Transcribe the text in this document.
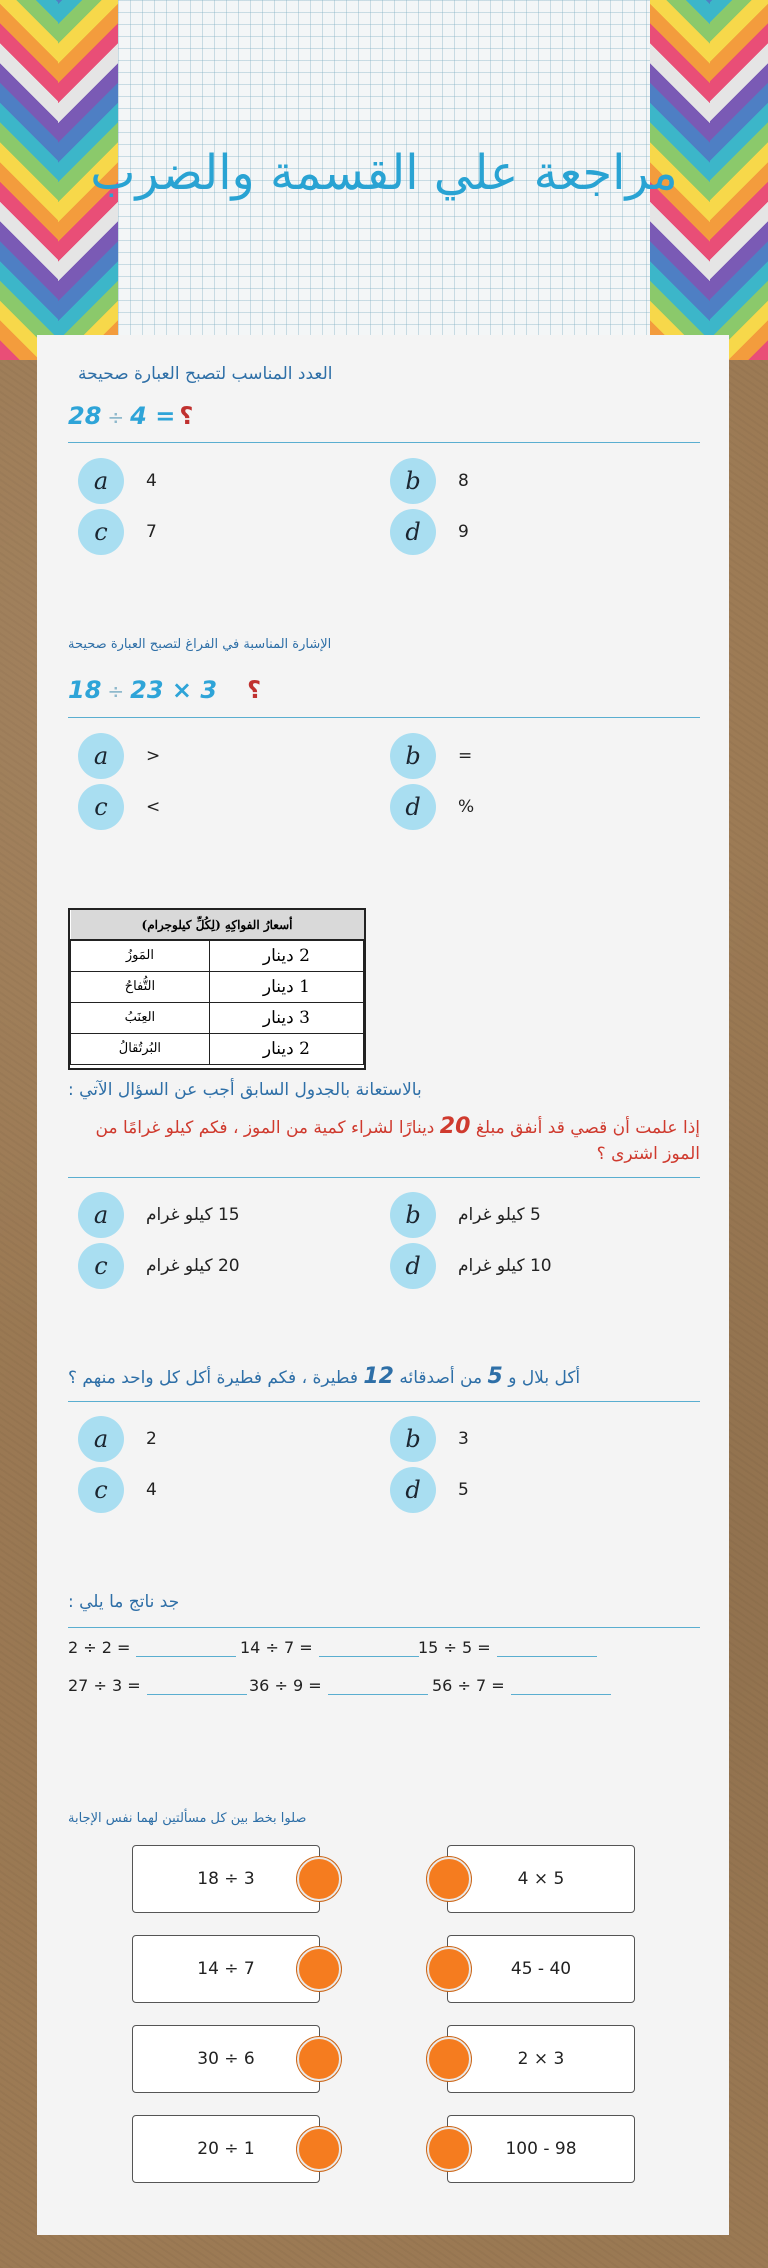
مراجعة علي القسمة والضرب
العدد المناسب لتصبح العبارة صحيحة
28 ÷ ؟= 4
a	4	b	8
c	7	d	9
الإشارة المناسبة في الفراغ لتصبح العبارة صحيحة
18 ÷ 2	؟3 × 3
a	<	b	=
c	>	d	%
أسعارُ الفواكِهِ (لِكُلِّ كيلوجرام)	
المَوزُ	2 دينار
التُّفاحُ	1 دينار
العِنَبُ	3 دينار
البُرتُقالُ	2 دينار
بالاستعانة بالجدول السابق أجب عن السؤال الآتي :
إذا علمت أن قصي قد أنفق مبلغ 20 دينارًا لشراء كمية من الموز ، فكم كيلو غرامًا من الموز اشترى ؟
a	15 كيلو غرام	b	5 كيلو غرام
c	20 كيلو غرام	d	10 كيلو غرام
أكل بلال و 5 من أصدقائه 12 فطيرة ، فكم فطيرة أكل كل واحد منهم ؟
a	2	b	3
c	4	d	5
جد ناتج ما يلي :
2 ÷ 2 =	14 ÷ 7 =	15 ÷ 5 =
27 ÷ 3 =	36 ÷ 9 =	56 ÷ 7 =
صلوا بخط بين كل مسألتين لهما نفس الإجابة
18 ÷ 3	4 × 5
14 ÷ 7	45 - 40
30 ÷ 6	2 × 3
20 ÷ 1	100 - 98
